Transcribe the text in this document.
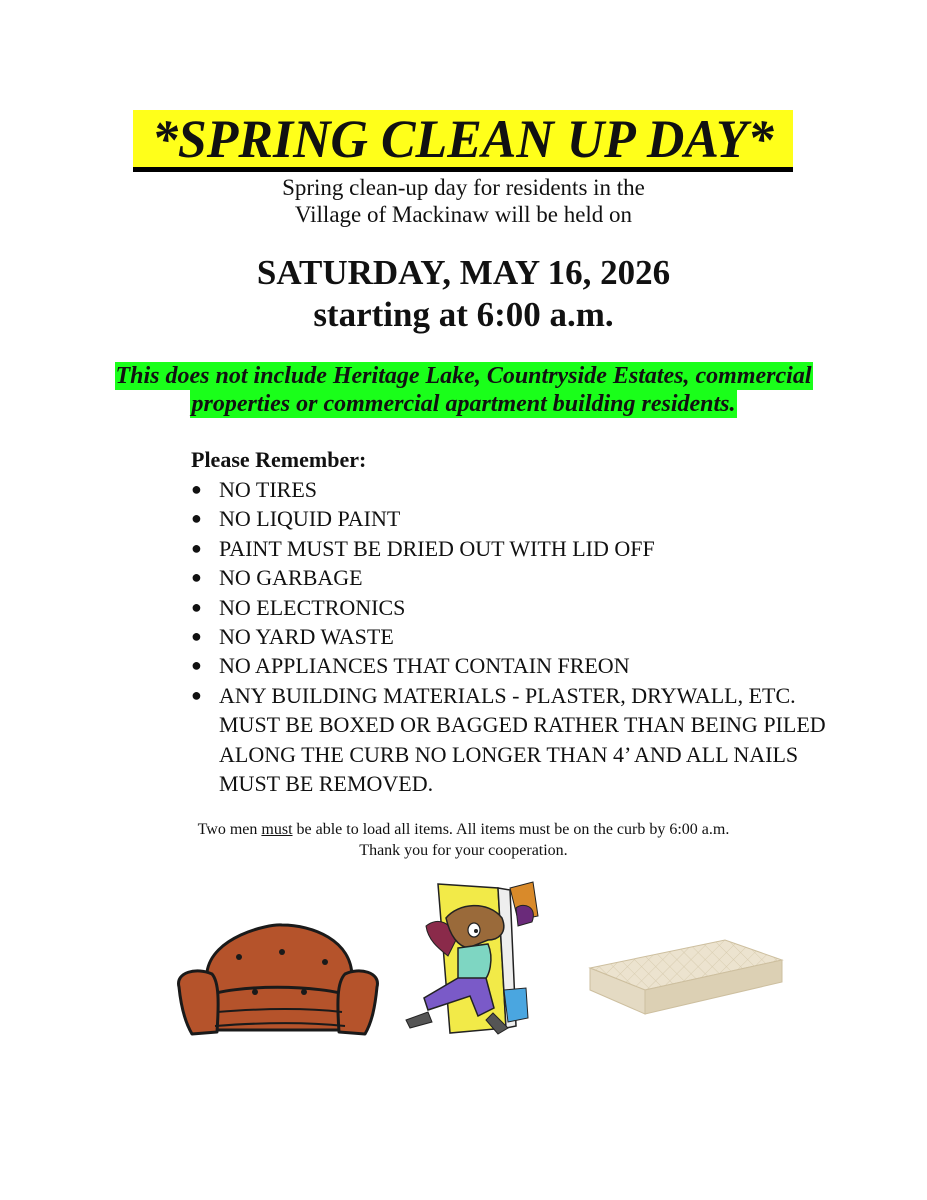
*SPRING CLEAN UP DAY*
Spring clean-up day for residents in the
Village of Mackinaw will be held on
SATURDAY, MAY 16, 2026
starting at 6:00 a.m.
This does not include Heritage Lake, Countryside Estates, commercial
properties or commercial apartment building residents.
Please Remember:
● NO TIRES
● NO LIQUID PAINT
● PAINT MUST BE DRIED OUT WITH LID OFF
● NO GARBAGE
● NO ELECTRONICS
● NO YARD WASTE
● NO APPLIANCES THAT CONTAIN FREON
● ANY BUILDING MATERIALS - PLASTER, DRYWALL, ETC. MUST BE BOXED OR BAGGED RATHER THAN BEING PILED ALONG THE CURB NO LONGER THAN 4’ AND ALL NAILS MUST BE REMOVED.
Two men must be able to load all items. All items must be on the curb by 6:00 a.m.
Thank you for your cooperation.
